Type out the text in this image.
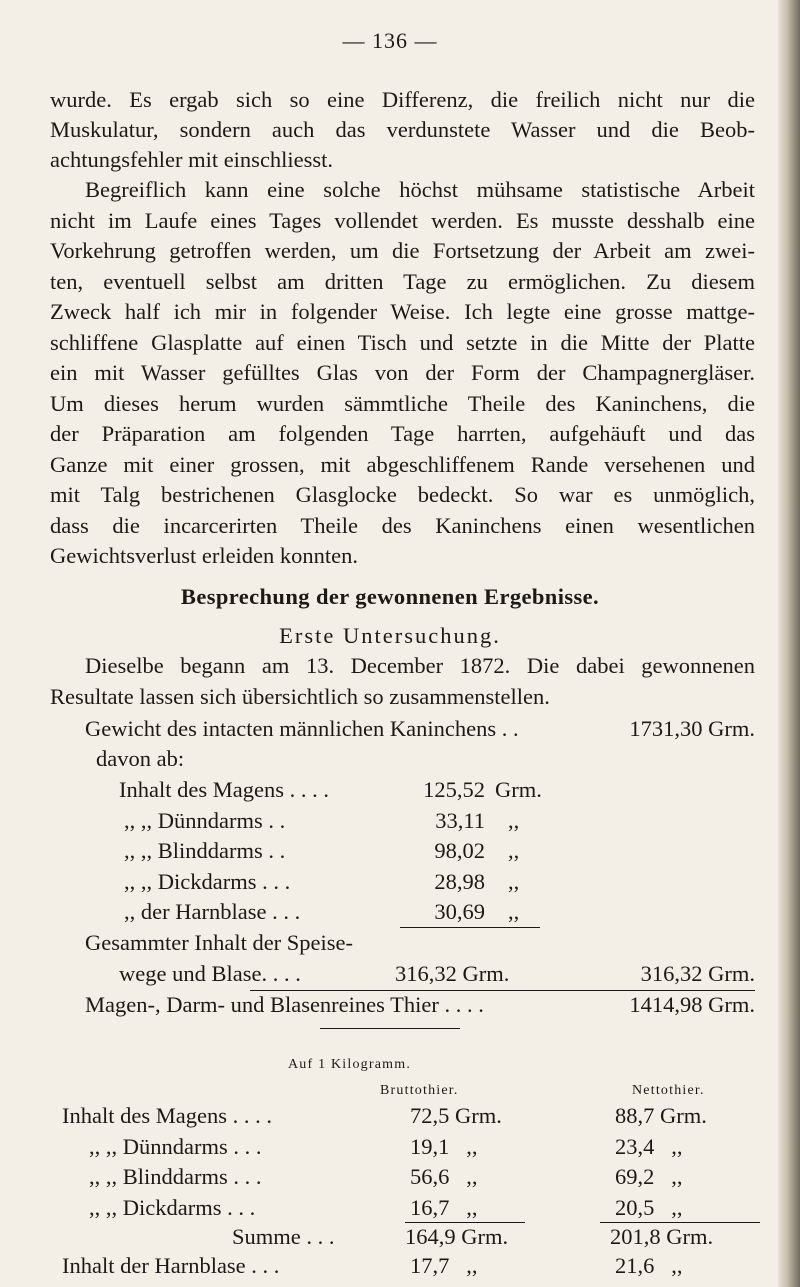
— 136 —
wurde. Es ergab sich so eine Differenz, die freilich nicht nur die
Muskulatur, sondern auch das verdunstete Wasser und die Beob-
achtungsfehler mit einschliesst.
Begreiflich kann eine solche höchst mühsame statistische Arbeit
nicht im Laufe eines Tages vollendet werden. Es musste desshalb eine
Vorkehrung getroffen werden, um die Fortsetzung der Arbeit am zwei-
ten, eventuell selbst am dritten Tage zu ermöglichen. Zu diesem
Zweck half ich mir in folgender Weise. Ich legte eine grosse mattge-
schliffene Glasplatte auf einen Tisch und setzte in die Mitte der Platte
ein mit Wasser gefülltes Glas von der Form der Champagnergläser.
Um dieses herum wurden sämmtliche Theile des Kaninchens, die
der Präparation am folgenden Tage harrten, aufgehäuft und das
Ganze mit einer grossen, mit abgeschliffenem Rande versehenen und
mit Talg bestrichenen Glasglocke bedeckt. So war es unmöglich,
dass die incarcerirten Theile des Kaninchens einen wesentlichen
Gewichtsverlust erleiden konnten.
Besprechung der gewonnenen Ergebnisse.
Erste Untersuchung.
Dieselbe begann am 13. December 1872. Die dabei gewonnenen
Resultate lassen sich übersichtlich so zusammenstellen.
Gewicht des intacten männlichen Kaninchens . .	1731,30 Grm.
davon ab:
Inhalt des Magens . . . .	125,52 Grm.
,, ,, Dünndarms . .	33,11 ,,
,, ,, Blinddarms . .	98,02 ,,
,, ,, Dickdarms . . .	28,98 ,,
,, der Harnblase . . .	30,69 ,,
Gesammter Inhalt der Speise-
wege und Blase. . . .	316,32 Grm.	316,32 Grm.
Magen-, Darm- und Blasenreines Thier . . . .	1414,98 Grm.
Auf 1 Kilogramm.
Bruttothier.	Nettothier.
Inhalt des Magens . . . .	72,5 Grm.	88,7 Grm.
,, ,, Dünndarms . . .	19,1   ,,	23,4   ,,
,, ,, Blinddarms . . .	56,6   ,,	69,2   ,,
,, ,, Dickdarms . . .	16,7   ,,	20,5   ,,
Summe . . .	164,9 Grm.	201,8 Grm.
Inhalt der Harnblase . . .	17,7   ,,	21,6   ,,
